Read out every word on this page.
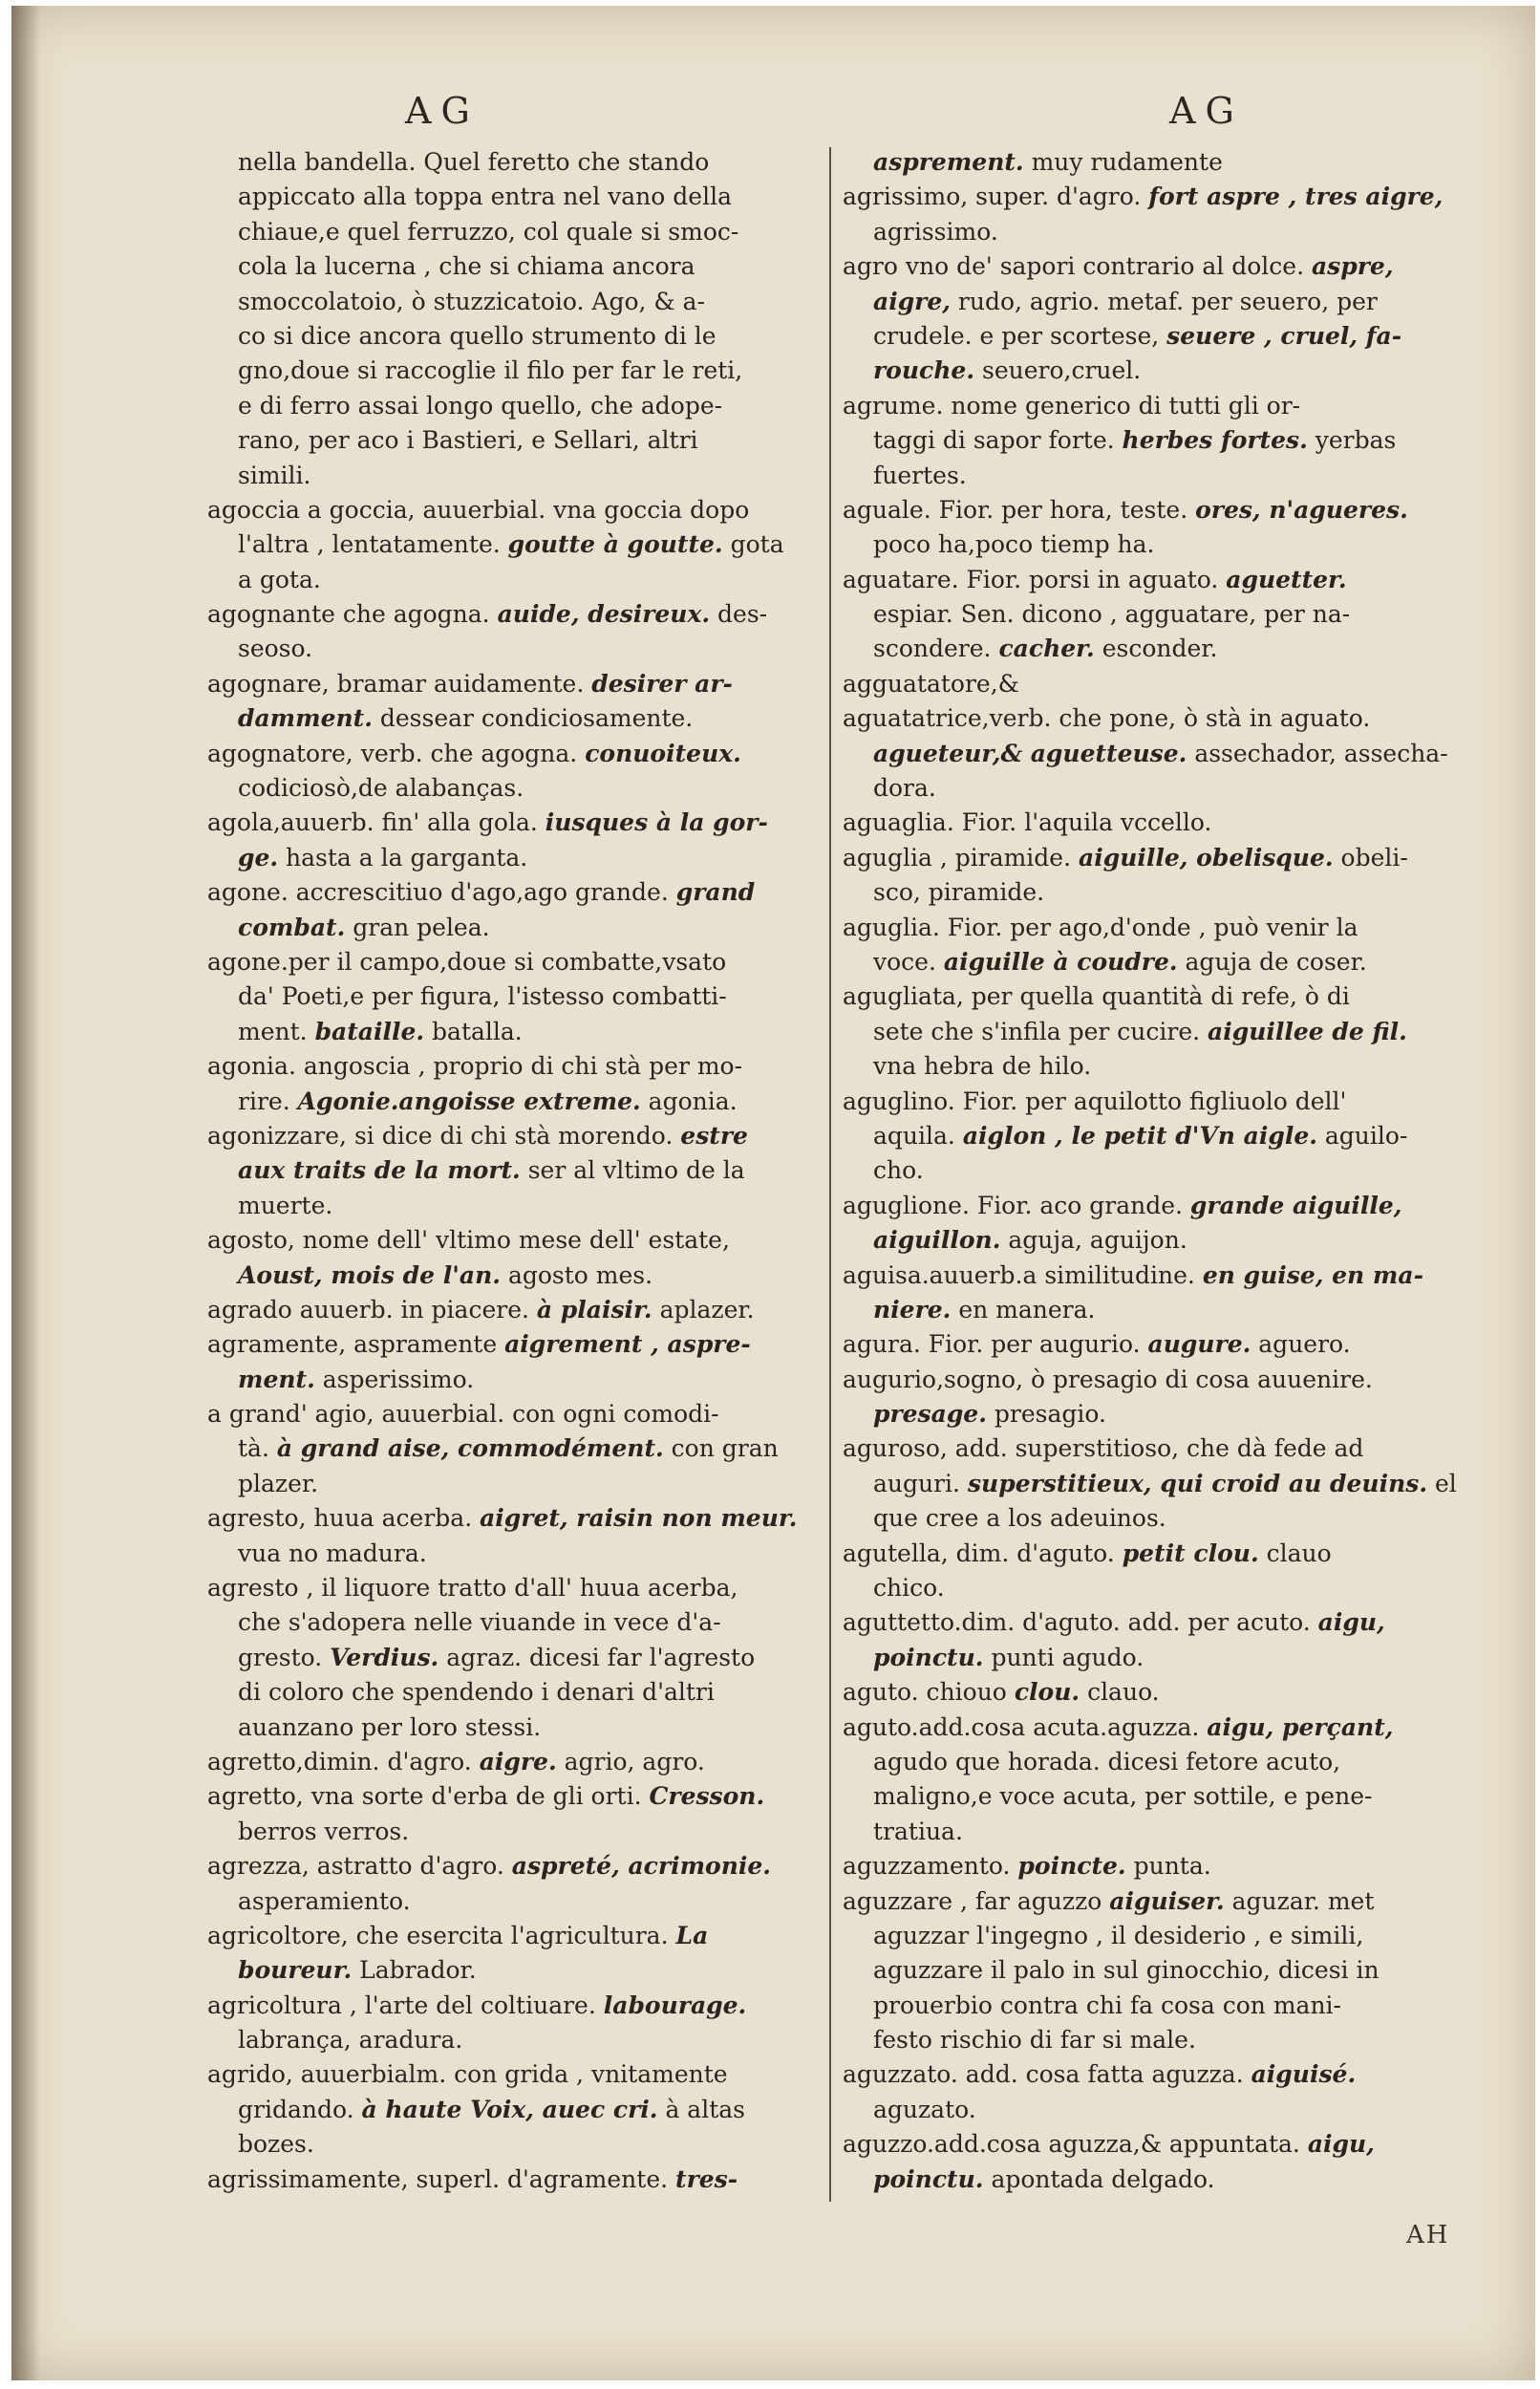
AG	AG
nella bandella. Quel feretto che stando
appiccato alla toppa entra nel vano della
chiaue,e quel ferruzzo, col quale si smoc-
cola la lucerna , che si chiama ancora
smoccolatoio, ò stuzzicatoio. Ago, & a-
co si dice ancora quello strumento di le
gno,doue si raccoglie il filo per far le reti,
e di ferro assai longo quello, che adope-
rano, per aco i Bastieri, e Sellari, altri
simili.
agoccia a goccia, auuerbial. vna goccia dopo
l'altra , lentatamente. goutte à goutte. gota
a gota.
agognante che agogna. auide, desireux. des-
seoso.
agognare, bramar auidamente. desirer ar-
damment. dessear condiciosamente.
agognatore, verb. che agogna. conuoiteux.
codiciosò,de alabanças.
agola,auuerb. fin' alla gola. iusques à la gor-
ge. hasta a la garganta.
agone. accrescitiuo d'ago,ago grande. grand
combat. gran pelea.
agone.per il campo,doue si combatte,vsato
da' Poeti,e per figura, l'istesso combatti-
ment. bataille. batalla.
agonia. angoscia , proprio di chi stà per mo-
rire. Agonie.angoisse extreme. agonia.
agonizzare, si dice di chi stà morendo. estre
aux traits de la mort. ser al vltimo de la
muerte.
agosto, nome dell' vltimo mese dell' estate,
Aoust, mois de l'an. agosto mes.
agrado auuerb. in piacere. à plaisir. aplazer.
agramente, aspramente aigrement , aspre-
ment. asperissimo.
a grand' agio, auuerbial. con ogni comodi-
tà. à grand aise, commodément. con gran
plazer.
agresto, huua acerba. aigret, raisin non meur.
vua no madura.
agresto , il liquore tratto d'all' huua acerba,
che s'adopera nelle viuande in vece d'a-
gresto. Verdius. agraz. dicesi far l'agresto
di coloro che spendendo i denari d'altri
auanzano per loro stessi.
agretto,dimin. d'agro. aigre. agrio, agro.
agretto, vna sorte d'erba de gli orti. Cresson.
berros verros.
agrezza, astratto d'agro. aspreté, acrimonie.
asperamiento.
agricoltore, che esercita l'agricultura. La
boureur. Labrador.
agricoltura , l'arte del coltiuare. labourage.
labrança, aradura.
agrido, auuerbialm. con grida , vnitamente
gridando. à haute Voix, auec cri. à altas
bozes.
agrissimamente, superl. d'agramente. tres-
asprement. muy rudamente
agrissimo, super. d'agro. fort aspre , tres aigre,
agrissimo.
agro vno de' sapori contrario al dolce. aspre,
aigre, rudo, agrio. metaf. per seuero, per
crudele. e per scortese, seuere , cruel, fa-
rouche. seuero,cruel.
agrume. nome generico di tutti gli or-
taggi di sapor forte. herbes fortes. yerbas
fuertes.
aguale. Fior. per hora, teste. ores, n'agueres.
poco ha,poco tiemp ha.
aguatare. Fior. porsi in aguato. aguetter.
espiar. Sen. dicono , agguatare, per na-
scondere. cacher. esconder.
agguatatore,&
aguatatrice,verb. che pone, ò stà in aguato.
agueteur,& aguetteuse. assechador, assecha-
dora.
aguaglia. Fior. l'aquila vccello.
aguglia , piramide. aiguille, obelisque. obeli-
sco, piramide.
aguglia. Fior. per ago,d'onde , può venir la
voce. aiguille à coudre. aguja de coser.
agugliata, per quella quantità di refe, ò di
sete che s'infila per cucire. aiguillee de fil.
vna hebra de hilo.
aguglino. Fior. per aquilotto figliuolo dell'
aquila. aiglon , le petit d'Vn aigle. aguilo-
cho.
aguglione. Fior. aco grande. grande aiguille,
aiguillon. aguja, aguijon.
aguisa.auuerb.a similitudine. en guise, en ma-
niere. en manera.
agura. Fior. per augurio. augure. aguero.
augurio,sogno, ò presagio di cosa auuenire.
presage. presagio.
aguroso, add. superstitioso, che dà fede ad
auguri. superstitieux, qui croid au deuins. el
que cree a los adeuinos.
agutella, dim. d'aguto. petit clou. clauo
chico.
aguttetto.dim. d'aguto. add. per acuto. aigu,
poinctu. punti agudo.
aguto. chiouo clou. clauo.
aguto.add.cosa acuta.aguzza. aigu, perçant,
agudo que horada. dicesi fetore acuto,
maligno,e voce acuta, per sottile, e pene-
tratiua.
aguzzamento. poincte. punta.
aguzzare , far aguzzo aiguiser. aguzar. met
aguzzar l'ingegno , il desiderio , e simili,
aguzzare il palo in sul ginocchio, dicesi in
prouerbio contra chi fa cosa con mani-
festo rischio di far si male.
aguzzato. add. cosa fatta aguzza. aiguisé.
aguzato.
aguzzo.add.cosa aguzza,& appuntata. aigu,
poinctu. apontada delgado.
AH
